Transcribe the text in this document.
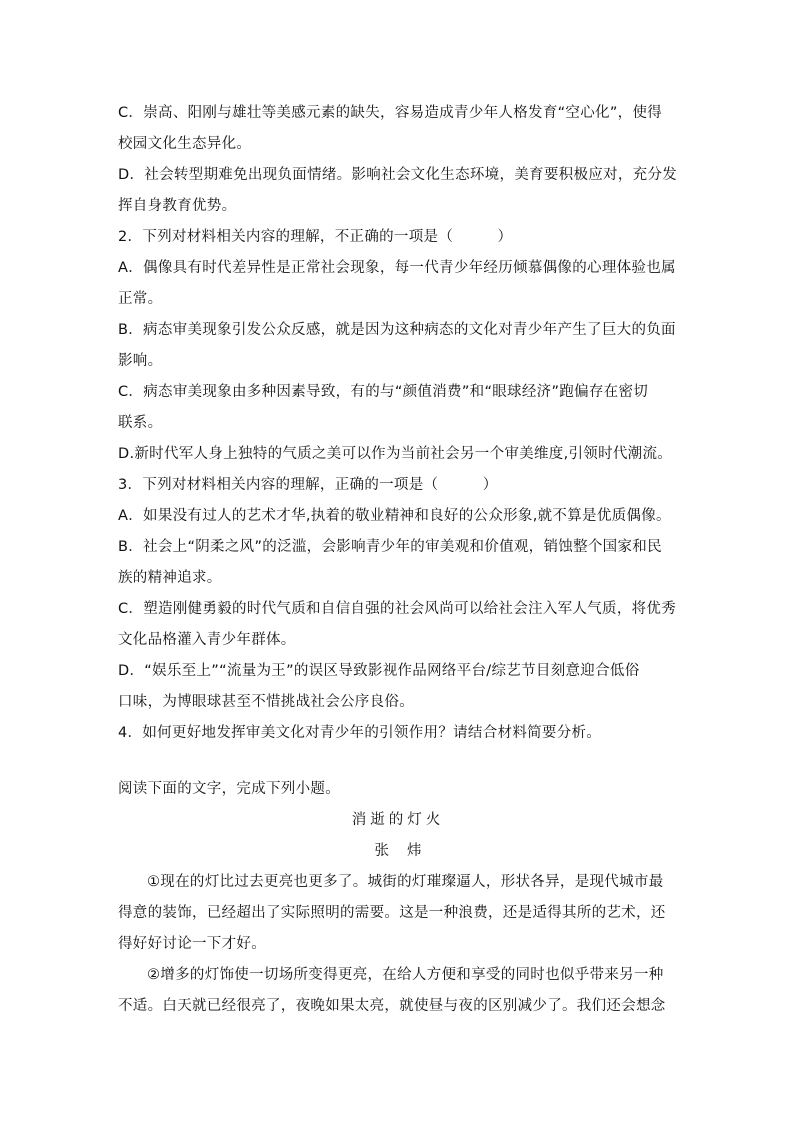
C．崇高、阳刚与雄壮等美感元素的缺失，容易造成青少年人格发育“空心化”，使得
校园文化生态异化。
D．社会转型期难免出现负面情绪。影响社会文化生态环境，美育要积极应对，充分发
挥自身教育优势。
2．下列对材料相关内容的理解，不正确的一项是（　　　）
A．偶像具有时代差异性是正常社会现象，每一代青少年经历倾慕偶像的心理体验也属
正常。
B．病态审美现象引发公众反感，就是因为这种病态的文化对青少年产生了巨大的负面
影响。
C．病态审美现象由多种因素导致，有的与“颜值消费”和“眼球经济”跑偏存在密切
联系。
D.新时代军人身上独特的气质之美可以作为当前社会另一个审美维度,引领时代潮流。
3．下列对材料相关内容的理解，正确的一项是（　　　）
A．如果没有过人的艺术才华,执着的敬业精神和良好的公众形象,就不算是优质偶像。
B．社会上“阴柔之风”的泛滥，会影响青少年的审美观和价值观，销蚀整个国家和民
族的精神追求。
C．塑造刚健勇毅的时代气质和自信自强的社会风尚可以给社会注入军人气质，将优秀
文化品格灌入青少年群体。
D．“娱乐至上”“流量为王”的误区导致影视作品网络平台/综艺节目刻意迎合低俗
口味，为博眼球甚至不惜挑战社会公序良俗。
4．如何更好地发挥审美文化对青少年的引领作用？请结合材料简要分析。
阅读下面的文字，完成下列小题。
消逝的灯火
张炜
①现在的灯比过去更亮也更多了。城街的灯璀璨逼人，形状各异，是现代城市最
得意的装饰，已经超出了实际照明的需要。这是一种浪费，还是适得其所的艺术，还
得好好讨论一下才好。
②增多的灯饰使一切场所变得更亮，在给人方便和享受的同时也似乎带来另一种
不适。白天就已经很亮了，夜晚如果太亮，就使昼与夜的区别减少了。我们还会想念
